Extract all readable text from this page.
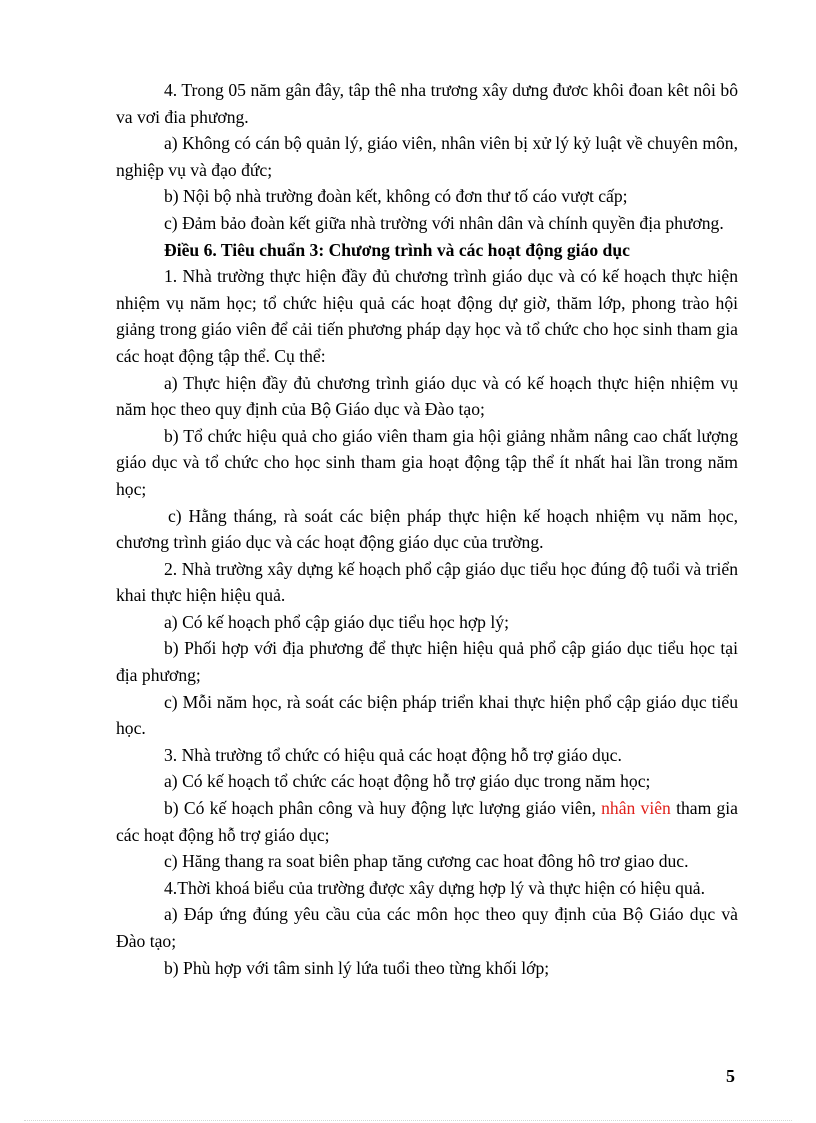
4. Trong 05 năm gân đây, tâp thê nha trương xây dưng đươc khôi đoan kêt nôi bô va vơi đia phương.

a) Không có cán bộ quản lý, giáo viên, nhân viên bị xử lý kỷ luật về chuyên môn, nghiệp vụ và đạo đức;

b) Nội bộ nhà trường đoàn kết, không có đơn thư tố cáo vượt cấp;

c) Đảm bảo đoàn kết giữa nhà trường với nhân dân và chính quyền địa phương.

Điều 6. Tiêu chuẩn 3: Chương trình và các hoạt động giáo dục

1. Nhà trường thực hiện đầy đủ chương trình giáo dục và có kế hoạch thực hiện nhiệm vụ năm học; tổ chức hiệu quả các hoạt động dự giờ, thăm lớp, phong trào hội giảng trong giáo viên để cải tiến phương pháp dạy học và tổ chức cho học sinh tham gia các hoạt động tập thể. Cụ thể:

a) Thực hiện đầy đủ chương trình giáo dục và có kế hoạch thực hiện nhiệm vụ năm học theo quy định của Bộ Giáo dục và Đào tạo;

b) Tổ chức hiệu quả cho giáo viên tham gia hội giảng nhằm nâng cao chất lượng giáo dục và tổ chức cho học sinh tham gia hoạt động tập thể ít nhất hai lần trong năm học;

c) Hằng tháng, rà soát các biện pháp thực hiện kế hoạch nhiệm vụ năm học, chương trình giáo dục và các hoạt động giáo dục của trường.

2. Nhà trường xây dựng kế hoạch phổ cập giáo dục tiểu học đúng độ tuổi và triển khai thực hiện hiệu quả.

a) Có kế hoạch phổ cập giáo dục tiểu học hợp lý;

b) Phối hợp với địa phương để thực hiện hiệu quả phổ cập giáo dục tiểu học tại địa phương;

c) Mỗi năm học, rà soát các biện pháp triển khai thực hiện phổ cập giáo dục tiểu học.

3. Nhà trường tổ chức có hiệu quả các hoạt động hỗ trợ giáo dục.

a) Có kế hoạch tổ chức các hoạt động hỗ trợ giáo dục trong năm học;

b) Có kế hoạch phân công và huy động lực lượng giáo viên, nhân viên tham gia các hoạt động hỗ trợ giáo dục;

c) Hăng thang ra soat biên phap tăng cương cac hoat đông hô trơ giao duc.

4.Thời khoá biểu của trường được xây dựng hợp lý và thực hiện có hiệu quả.

a) Đáp ứng đúng yêu cầu của các môn học theo quy định của Bộ Giáo dục và Đào tạo;

b) Phù hợp với tâm sinh lý lứa tuổi theo từng khối lớp;

5
